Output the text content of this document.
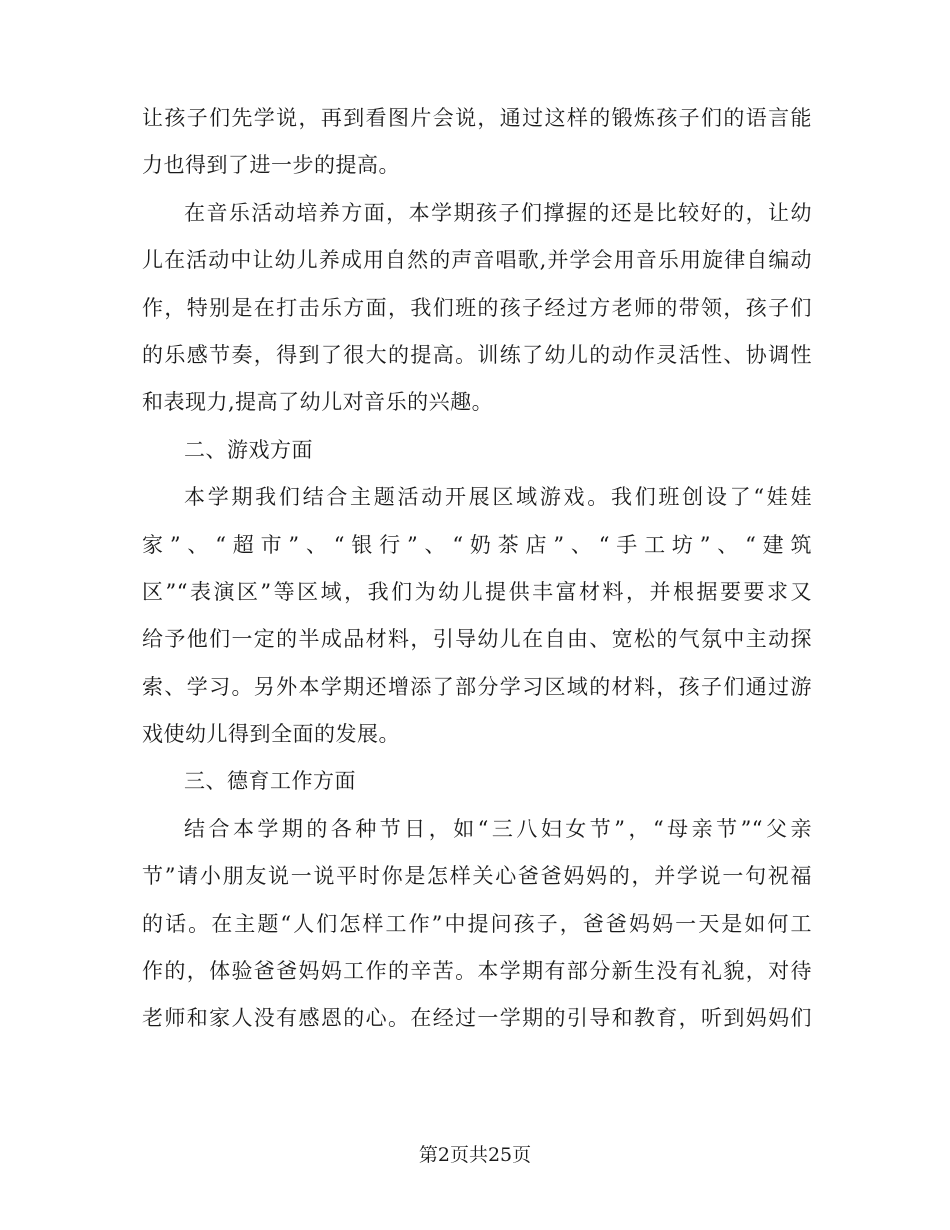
让孩子们先学说，再到看图片会说，通过这样的锻炼孩子们的语言能
力也得到了进一步的提高。
在音乐活动培养方面，本学期孩子们撑握的还是比较好的，让幼
儿在活动中让幼儿养成用自然的声音唱歌,并学会用音乐用旋律自编动
作，特别是在打击乐方面，我们班的孩子经过方老师的带领，孩子们
的乐感节奏，得到了很大的提高。训练了幼儿的动作灵活性、协调性
和表现力,提高了幼儿对音乐的兴趣。
二、游戏方面
本学期我们结合主题活动开展区域游戏。我们班创设了“娃娃
家”、“超市”、“银行”、“奶茶店”、“手工坊”、“建筑
区”“表演区”等区域，我们为幼儿提供丰富材料，并根据要要求又
给予他们一定的半成品材料，引导幼儿在自由、宽松的气氛中主动探
索、学习。另外本学期还增添了部分学习区域的材料，孩子们通过游
戏使幼儿得到全面的发展。
三、德育工作方面
结合本学期的各种节日，如“三八妇女节”，“母亲节”“父亲
节”请小朋友说一说平时你是怎样关心爸爸妈妈的，并学说一句祝福
的话。在主题“人们怎样工作”中提问孩子，爸爸妈妈一天是如何工
作的，体验爸爸妈妈工作的辛苦。本学期有部分新生没有礼貌，对待
老师和家人没有感恩的心。在经过一学期的引导和教育，听到妈妈们
第2页共25页
